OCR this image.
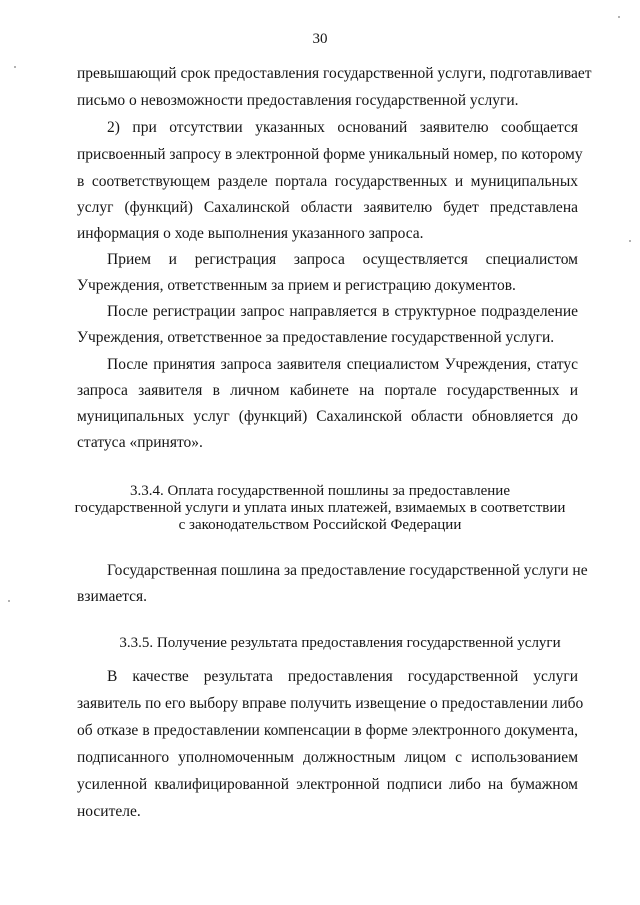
30

превышающий срок предоставления государственной услуги, подготавливает

письмо о невозможности предоставления государственной услуги.

2) при отсутствии указанных оснований заявителю сообщается

присвоенный запросу в электронной форме уникальный номер, по которому

в соответствующем разделе портала государственных и муниципальных

услуг (функций) Сахалинской области заявителю будет представлена

информация о ходе выполнения указанного запроса.

Прием и регистрация запроса осуществляется специалистом

Учреждения, ответственным за прием и регистрацию документов.

После регистрации запрос направляется в структурное подразделение

Учреждения, ответственное за предоставление государственной услуги.

После принятия запроса заявителя специалистом Учреждения, статус

запроса заявителя в личном кабинете на портале государственных и

муниципальных услуг (функций) Сахалинской области обновляется до

статуса «принято».

3.3.4. Оплата государственной пошлины за предоставление

государственной услуги и уплата иных платежей, взимаемых в соответствии

с законодательством Российской Федерации

Государственная пошлина за предоставление государственной услуги не

взимается.

3.3.5. Получение результата предоставления государственной услуги

В качестве результата предоставления государственной услуги

заявитель по его выбору вправе получить извещение о предоставлении либо

об отказе в предоставлении компенсации в форме электронного документа,

подписанного уполномоченным должностным лицом с использованием

усиленной квалифицированной электронной подписи либо на бумажном

носителе.
